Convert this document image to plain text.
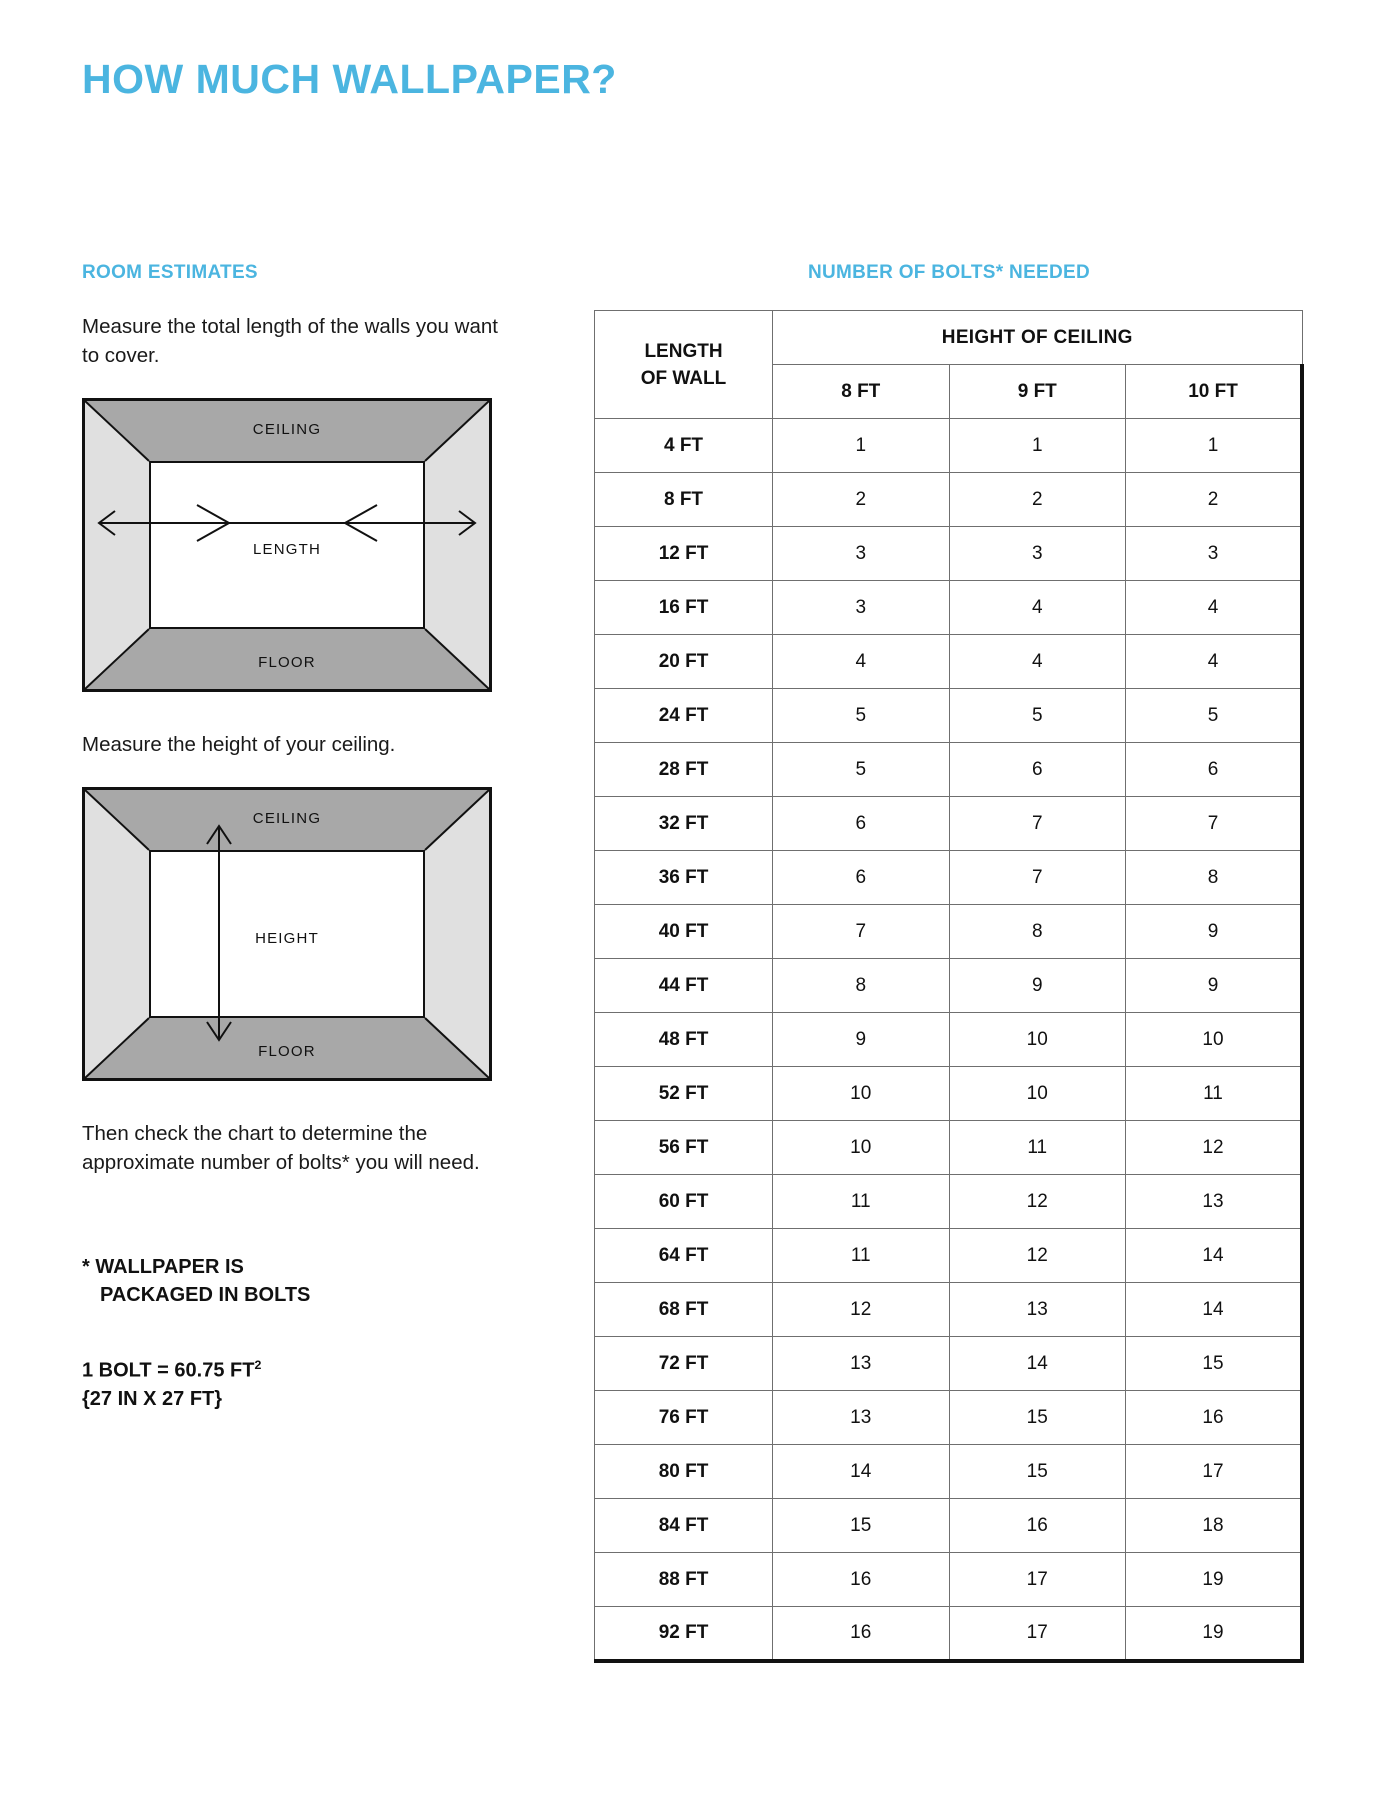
HOW MUCH WALLPAPER?
ROOM ESTIMATES

Measure the total length of the walls you want to cover.

CEILING
FLOOR
LENGTH

Measure the height of your ceiling.

CEILING
FLOOR
HEIGHT

Then check the chart to determine the approximate number of bolts* you will need.

* WALLPAPER IS
PACKAGED IN BOLTS
1 BOLT = 60.75 $FT^2$
{27 IN X 27 FT}
NUMBER OF BOLTS* NEEDED
LENGTH
OF WALL	HEIGHT OF CEILING		
	8 FT	9 FT	10 FT
4 FT	1	1	1
8 FT	2	2	2
12 FT	3	3	3
16 FT	3	4	4
20 FT	4	4	4
24 FT	5	5	5
28 FT	5	6	6
32 FT	6	7	7
36 FT	6	7	8
40 FT	7	8	9
44 FT	8	9	9
48 FT	9	10	10
52 FT	10	10	11
56 FT	10	11	12
60 FT	11	12	13
64 FT	11	12	14
68 FT	12	13	14
72 FT	13	14	15
76 FT	13	15	16
80 FT	14	15	17
84 FT	15	16	18
88 FT	16	17	19
92 FT	16	17	19
